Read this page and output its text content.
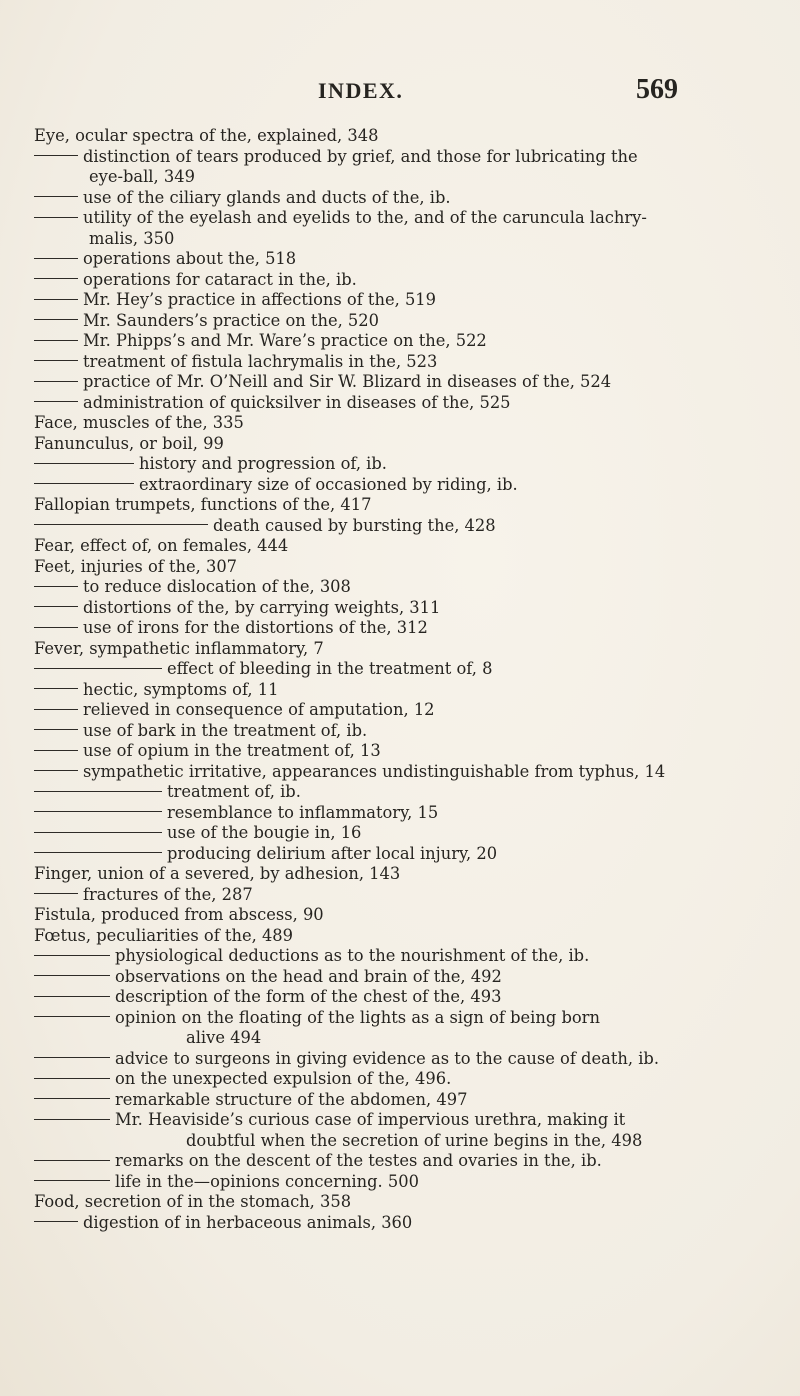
INDEX.	569
Eye, ocular spectra of the, explained, 348
distinction of tears produced by grief, and those for lubricating the
eye-ball, 349
use of the ciliary glands and ducts of the, ib.
utility of the eyelash and eyelids to the, and of the caruncula lachry-
malis, 350
operations about the, 518
operations for cataract in the, ib.
Mr. Hey’s practice in affections of the, 519
Mr. Saunders’s practice on the, 520
Mr. Phipps’s and Mr. Ware’s practice on the, 522
treatment of fistula lachrymalis in the, 523
practice of Mr. O’Neill and Sir W. Blizard in diseases of the, 524
administration of quicksilver in diseases of the, 525
Face, muscles of the, 335
Fanunculus, or boil, 99
history and progression of, ib.
extraordinary size of occasioned by riding, ib.
Fallopian trumpets, functions of the, 417
death caused by bursting the, 428
Fear, effect of, on females, 444
Feet, injuries of the, 307
to reduce dislocation of the, 308
distortions of the, by carrying weights, 311
use of irons for the distortions of the, 312
Fever, sympathetic inflammatory, 7
effect of bleeding in the treatment of, 8
hectic, symptoms of, 11
relieved in consequence of amputation, 12
use of bark in the treatment of, ib.
use of opium in the treatment of, 13
sympathetic irritative, appearances undistinguishable from typhus, 14
treatment of, ib.
resemblance to inflammatory, 15
use of the bougie in, 16
producing delirium after local injury, 20
Finger, union of a severed, by adhesion, 143
fractures of the, 287
Fistula, produced from abscess, 90
Fœtus, peculiarities of the, 489
physiological deductions as to the nourishment of the, ib.
observations on the head and brain of the, 492
description of the form of the chest of the, 493
opinion on the floating of the lights as a sign of being born
alive 494
advice to surgeons in giving evidence as to the cause of death, ib.
on the unexpected expulsion of the, 496.
remarkable structure of the abdomen, 497
Mr. Heaviside’s curious case of impervious urethra, making it
doubtful when the secretion of urine begins in the, 498
remarks on the descent of the testes and ovaries in the, ib.
life in the—opinions concerning. 500
Food, secretion of in the stomach, 358
digestion of in herbaceous animals, 360
